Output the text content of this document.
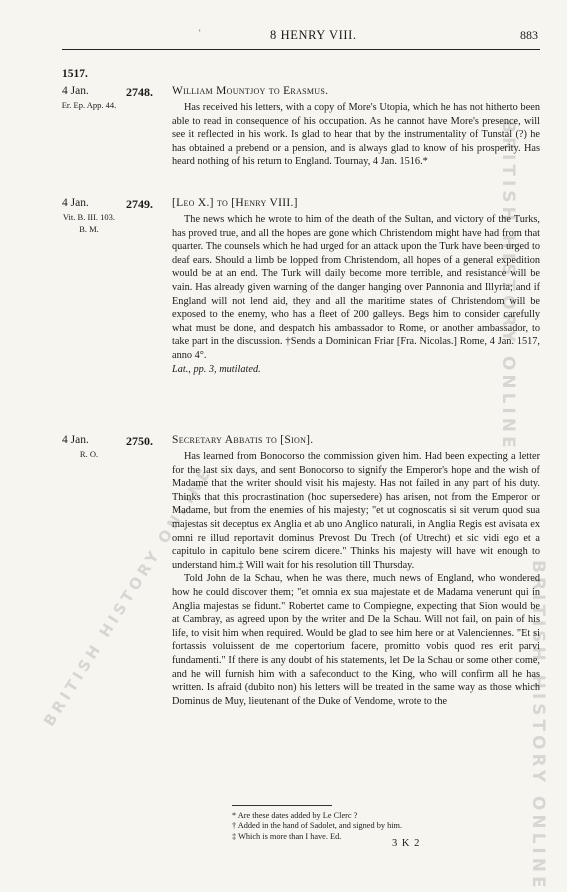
BRITISH HISTORY ONLINE
BRITISH HISTORY ONLINE
BRITISH HISTORY ONLINE
‘	8 HENRY VIII.	883
1517.
4 Jan.	2748. William Mountjoy to Erasmus.
Er. Ep. App. 44.	Has received his letters, with a copy of More's Utopia, which he has not hitherto been able to read in consequence of his occupation. As he cannot have More's presence, will see it reflected in his work. Is glad to hear that by the instrumentality of Tunstal (?) he has obtained a prebend or a pension, and is always glad to know of his prosperity. Has heard nothing of his return to England. Tournay, 4 Jan. 1516.*

4 Jan.	2749. [Leo X.] to [Henry VIII.]
Vit. B. III. 103.
B. M.

The news which he wrote to him of the death of the Sultan, and victory of the Turks, has proved true, and all the hopes are gone which Christendom might have had from that quarter. The counsels which he had urged for an attack upon the Turk have been urged to deaf ears. Should a limb be lopped from Christendom, all hopes of a general expedition would be at an end. The Turk will daily become more terrible, and resistance will be vain. Has already given warning of the danger hanging over Pannonia and Illyria; and if England will not lend aid, they and all the maritime states of Christendom will be exposed to the enemy, who has a fleet of 200 galleys. Begs him to consider carefully what must be done, and despatch his ambassador to Rome, or another ambassador, to take part in the discussion. †Sends a Dominican Friar [Fra. Nicolas.] Rome, 4 Jan. 1517, anno 4°.

Lat., pp. 3, mutilated.

4 Jan.	2750. Secretary Abbatis to [Sion].
R. O.	Has learned from Bonocorso the commission given him. Had been expecting a letter for the last six days, and sent Bonocorso to signify the Emperor's hope and the wish of Madame that the writer should visit his majesty. Has not failed in any part of his duty. Thinks that this procrastination (hoc supersedere) has arisen, not from the Emperor or Madame, but from the enemies of his majesty; "et ut cognoscatis si sit verum quod sua majestas sit deceptus ex Anglia et ab uno Anglico naturali, in Anglia Regis est avisata ex omni re illud reportavit dominus Prevost Du Trech (of Utrecht) et sic vidi ego et a capitulo in capitulo bene scirem dicere." Thinks his majesty will have wit enough to understand him.‡ Will wait for his resolution till Thursday.

Told John de la Schau, when he was there, much news of England, who wondered how he could discover them; "et omnia ex sua majestate et de Madama venerunt qui in Anglia majestas se fidunt." Robertet came to Compiegne, expecting that Sion would be at Cambray, as agreed upon by the writer and De la Schau. Will not fail, on pain of his life, to visit him when required. Would be glad to see him here or at Valenciennes. "Et si fortassis voluissent de me copertorium facere, promitto vobis quod res erit parvi fundamenti." If there is any doubt of his statements, let De la Schau or some other come, and he will furnish him with a safeconduct to the King, who will confirm all he has written. Is afraid (dubito non) his letters will be treated in the same way as those which Dominus de Muy, lieutenant of the Duke of Vendome, wrote to the

* Are these dates added by Le Clerc ?
† Added in the hand of Sadolet, and signed by him.
‡ Which is more than I have. Ed.
3 K 2
